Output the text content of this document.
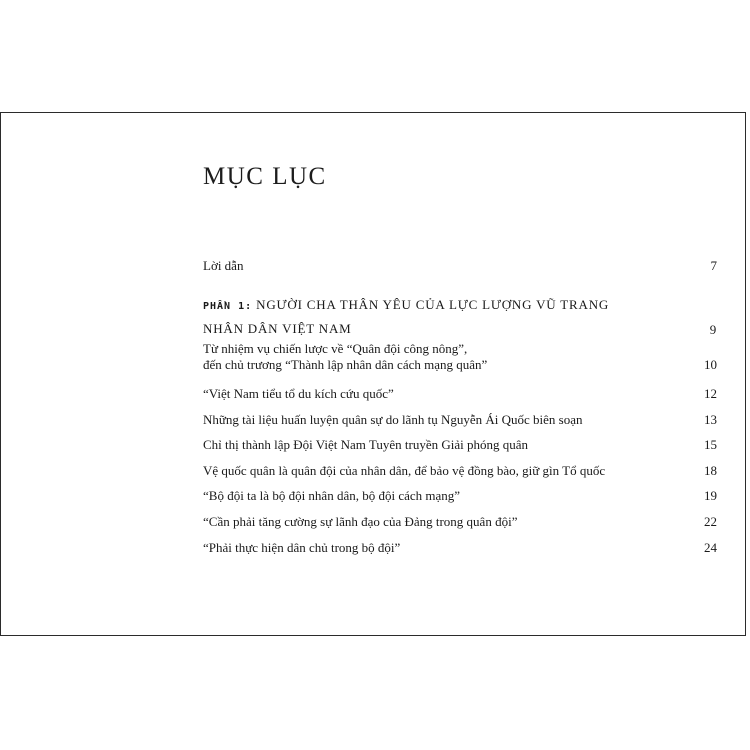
MỤC LỤC
Lời dẫn	7
PHẦN 1: NGƯỜI CHA THÂN YÊU CỦA LỰC LƯỢNG VŨ TRANG
NHÂN DÂN VIỆT NAM	9
Từ nhiệm vụ chiến lược về “Quân đội công nông”,
đến chủ trương “Thành lập nhân dân cách mạng quân”	10
“Việt Nam tiểu tổ du kích cứu quốc”	12
Những tài liệu huấn luyện quân sự do lãnh tụ Nguyễn Ái Quốc biên soạn	13
Chỉ thị thành lập Đội Việt Nam Tuyên truyền Giải phóng quân	15
Vệ quốc quân là quân đội của nhân dân, để bảo vệ đồng bào, giữ gìn Tổ quốc	18
“Bộ đội ta là bộ đội nhân dân, bộ đội cách mạng”	19
“Cần phải tăng cường sự lãnh đạo của Đảng trong quân đội”	22
“Phải thực hiện dân chủ trong bộ đội”	24
